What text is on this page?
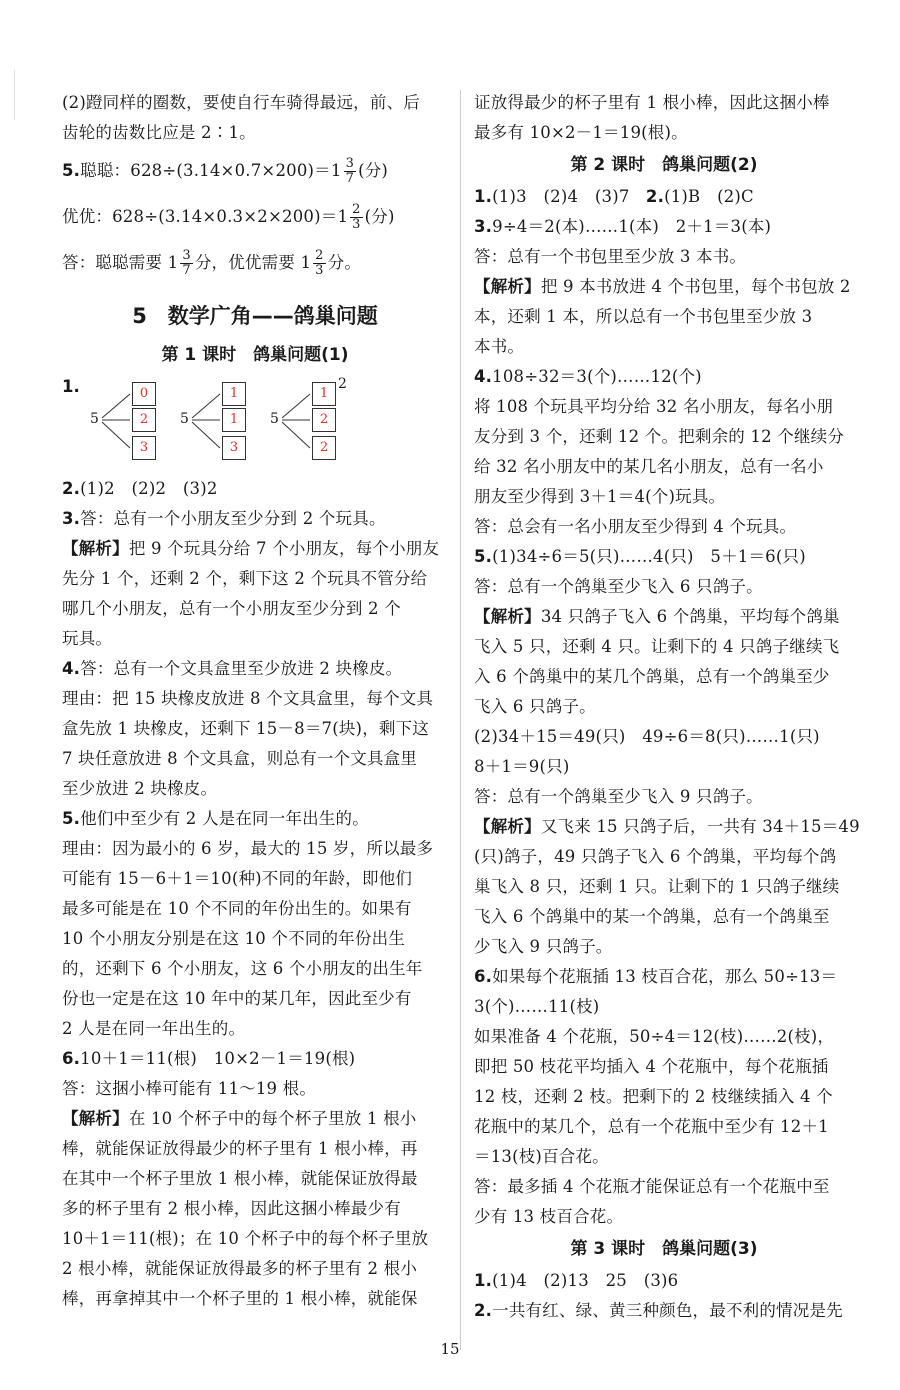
(2)蹬同样的圈数，要使自行车骑得最远，前、后
齿轮的齿数比应是 2∶1。
5.聪聪：$628\div(3.14\times 0.7\times 200)=1 \frac{3}{7}$ (分)
优优：$628\div(3.14\times 0.3\times 2\times 200)=1 \frac{2}{3}$ (分)
答：聪聪需要 $1 \frac{3}{7}$ 分，优优需要 $1 \frac{2}{3}$ 分。
5　数学广角——鸽巢问题
第 1 课时　鸽巢问题(1)
1.
5
0
2
3
5
1
1
3
5
1
2
2
2
2.(1)2　(2)2　(3)2
3.答：总有一个小朋友至少分到 2 个玩具。
【解析】把 9 个玩具分给 7 个小朋友，每个小朋友
先分 1 个，还剩 2 个，剩下这 2 个玩具不管分给
哪几个小朋友，总有一个小朋友至少分到 2 个
玩具。
4.答：总有一个文具盒里至少放进 2 块橡皮。
理由：把 15 块橡皮放进 8 个文具盒里，每个文具
盒先放 1 块橡皮，还剩下 15－8＝7(块)，剩下这
7 块任意放进 8 个文具盒，则总有一个文具盒里
至少放进 2 块橡皮。
5.他们中至少有 2 人是在同一年出生的。
理由：因为最小的 6 岁，最大的 15 岁，所以最多
可能有 15－6＋1＝10(种)不同的年龄，即他们
最多可能是在 10 个不同的年份出生的。如果有
10 个小朋友分别是在这 10 个不同的年份出生
的，还剩下 6 个小朋友，这 6 个小朋友的出生年
份也一定是在这 10 年中的某几年，因此至少有
2 人是在同一年出生的。
6.10＋1＝11(根)　10×2－1＝19(根)
答：这捆小棒可能有 11～19 根。
【解析】在 10 个杯子中的每个杯子里放 1 根小
棒，就能保证放得最少的杯子里有 1 根小棒，再
在其中一个杯子里放 1 根小棒，就能保证放得最
多的杯子里有 2 根小棒，因此这捆小棒最少有
10＋1＝11(根)；在 10 个杯子中的每个杯子里放
2 根小棒，就能保证放得最多的杯子里有 2 根小
棒，再拿掉其中一个杯子里的 1 根小棒，就能保
证放得最少的杯子里有 1 根小棒，因此这捆小棒
最多有 10×2－1＝19(根)。
第 2 课时　鸽巢问题(2)
1.(1)3　(2)4　(3)7 2.(1)B　(2)C
3.9÷4＝2(本)……1(本)　2＋1＝3(本)
答：总有一个书包里至少放 3 本书。
【解析】把 9 本书放进 4 个书包里，每个书包放 2
本，还剩 1 本，所以总有一个书包里至少放 3
本书。
4.108÷32＝3(个)……12(个)
将 108 个玩具平均分给 32 名小朋友，每名小朋
友分到 3 个，还剩 12 个。把剩余的 12 个继续分
给 32 名小朋友中的某几名小朋友，总有一名小
朋友至少得到 3＋1＝4(个)玩具。
答：总会有一名小朋友至少得到 4 个玩具。
5.(1)34÷6＝5(只)……4(只)　5＋1＝6(只)
答：总有一个鸽巢至少飞入 6 只鸽子。
【解析】34 只鸽子飞入 6 个鸽巢，平均每个鸽巢
飞入 5 只，还剩 4 只。让剩下的 4 只鸽子继续飞
入 6 个鸽巢中的某几个鸽巢，总有一个鸽巢至少
飞入 6 只鸽子。
(2)34＋15＝49(只)　49÷6＝8(只)……1(只)
8＋1＝9(只)
答：总有一个鸽巢至少飞入 9 只鸽子。
【解析】又飞来 15 只鸽子后，一共有 34＋15＝49
(只)鸽子，49 只鸽子飞入 6 个鸽巢，平均每个鸽
巢飞入 8 只，还剩 1 只。让剩下的 1 只鸽子继续
飞入 6 个鸽巢中的某一个鸽巢，总有一个鸽巢至
少飞入 9 只鸽子。
6.如果每个花瓶插 13 枝百合花，那么 50÷13＝
3(个)……11(枝)
如果准备 4 个花瓶，50÷4＝12(枝)……2(枝)，
即把 50 枝花平均插入 4 个花瓶中，每个花瓶插
12 枝，还剩 2 枝。把剩下的 2 枝继续插入 4 个
花瓶中的某几个，总有一个花瓶中至少有 12＋1
＝13(枝)百合花。
答：最多插 4 个花瓶才能保证总有一个花瓶中至
少有 13 枝百合花。
第 3 课时　鸽巢问题(3)
1.(1)4　(2)13　25　(3)6
2.一共有红、绿、黄三种颜色，最不利的情况是先
15
